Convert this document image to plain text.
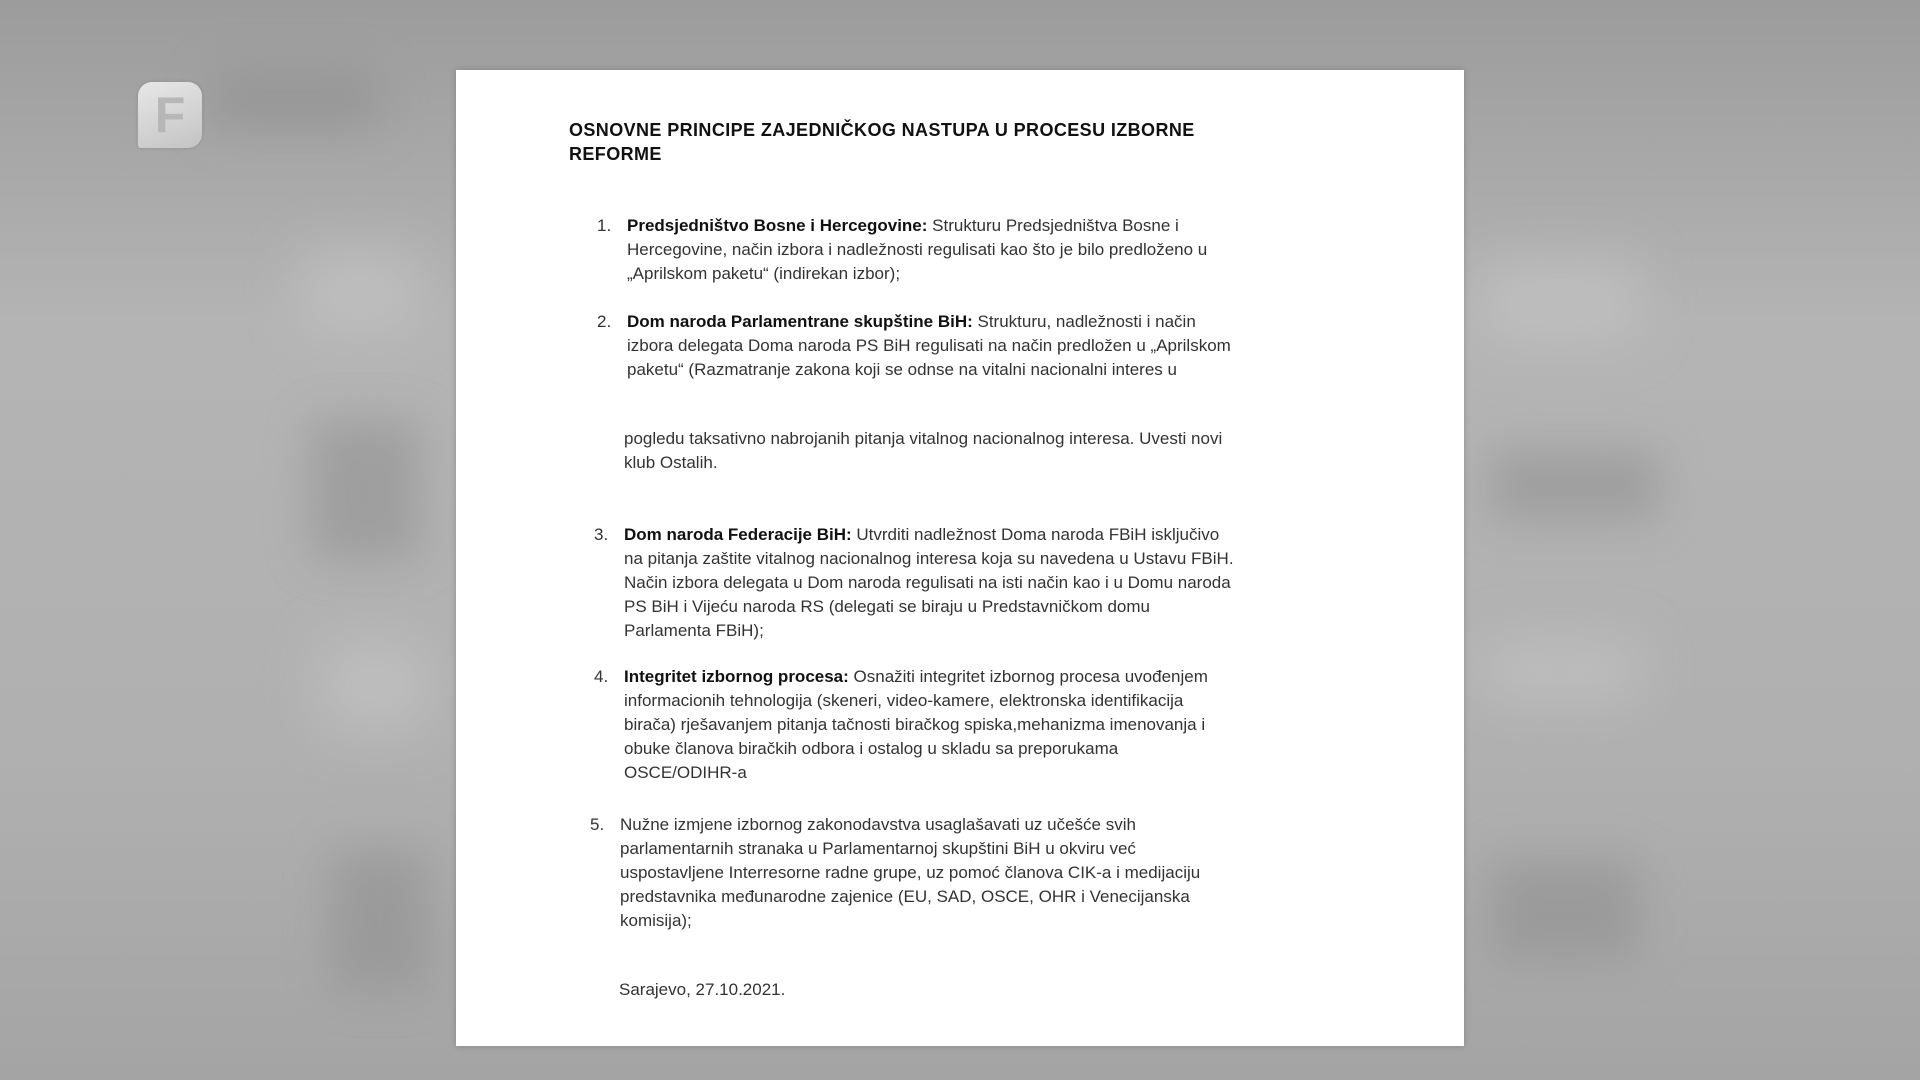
F	OSNOVNE PRINCIPE ZAJEDNIČKOG NASTUPA U PROCESU IZBORNE
REFORME
1. Predsjedništvo Bosne i Hercegovine: Strukturu Predsjedništva Bosne i
Hercegovine, način izbora i nadležnosti regulisati kao što je bilo predloženo u
„Aprilskom paketu“ (indirekan izbor);
2. Dom naroda Parlamentrane skupštine BiH: Strukturu, nadležnosti i način
izbora delegata Doma naroda PS BiH regulisati na način predložen u „Aprilskom
paketu“ (Razmatranje zakona koji se odnse na vitalni nacionalni interes u
pogledu taksativno nabrojanih pitanja vitalnog nacionalnog interesa. Uvesti novi
klub Ostalih.
3. Dom naroda Federacije BiH: Utvrditi nadležnost Doma naroda FBiH isključivo
na pitanja zaštite vitalnog nacionalnog interesa koja su navedena u Ustavu FBiH.
Način izbora delegata u Dom naroda regulisati na isti način kao i u Domu naroda
PS BiH i Vijeću naroda RS (delegati se biraju u Predstavničkom domu
Parlamenta FBiH);
4. Integritet izbornog procesa: Osnažiti integritet izbornog procesa uvođenjem
informacionih tehnologija (skeneri, video-kamere, elektronska identifikacija
birača) rješavanjem pitanja tačnosti biračkog spiska,mehanizma imenovanja i
obuke članova biračkih odbora i ostalog u skladu sa preporukama
OSCE/ODIHR-a
5. Nužne izmjene izbornog zakonodavstva usaglašavati uz učešće svih
parlamentarnih stranaka u Parlamentarnoj skupštini BiH u okviru već
uspostavljene Interresorne radne grupe, uz pomoć članova CIK-a i medijaciju
predstavnika međunarodne zajenice (EU, SAD, OSCE, OHR i Venecijanska
komisija);
Sarajevo, 27.10.2021.
